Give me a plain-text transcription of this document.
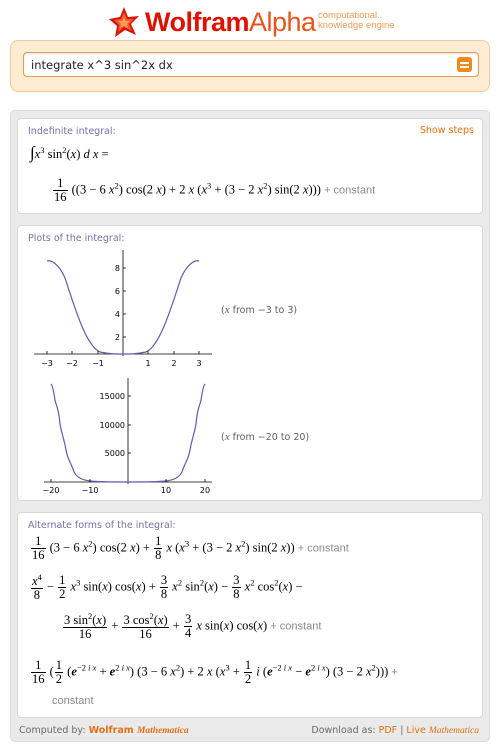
WolframAlpha computational..
knowledge engine
integrate x^3 sin^2x dx
Indefinite integral:	Show steps
$\int x^3$ $\sin^2(x)$ d x =
$\frac{1}{16} ((3 - 6$ $x^2$) cos(2 x) + 2 x ($x^3 + (3 - 2$ $x^2$) sin(2 x))) + constant
Plots of the integral:
8
6
4
2
−3 −2 −1	1	2 3
(x from −3 to 3)
15000
10000
5000
−20	−10	10	20
(x from −20 to 20)
Alternate forms of the integral:
$\frac{1}{16} (3 - 6$ $x^2$) cos(2 $x) + \frac{1}{8}$ x ($x^3 + (3 - 2$ $x^2$) sin(2 x)) + constant
$\frac{x^4}{8} - \frac{1}{2} x^3$ sin(x) $\cos(x) + \frac{3}{8} x^2$ $\sin^2(x) - \frac{3}{8} x^2$ $\cos^2(x)$ −
$\frac{3 \sin^2(x)}{16} + \frac{3 \cos^2(x)}{16} + \frac{3}{4}$ x sin(x) cos(x) + constant
$\frac{1}{16}$ ( $\frac{1}{2} (e^{-2 i x} + e^{2 i x}) (3 - 6$ $x^2) + 2$ x ($x^3 + \frac{1}{2}$ i $(e^{-2 i x} - e^{2 i x}) (3 - 2$ $x^2$))) +
constant
Computed by: Wolfram Mathematica	Download as: PDF | Live Mathematica
